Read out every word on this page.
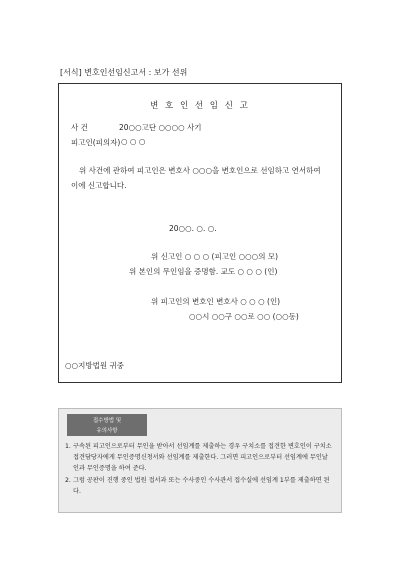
[서식] 변호인선임신고서 : 보가 선위
변 호 인 선 임 신 고
사 건	20○○고단 ○○○○ 사기
피고인(피의자) ○ ○ ○
위 사건에 관하여 피고인은 변호사 ○○○을 변호인으로 선임하고 연서하여 이에 신고합니다.
20○○. ○. ○.
위 신고인 ○ ○ ○ (피고인 ○○○의 모)
위 본인의 무인임을 증명함. 교도 ○ ○ ○ (인)
위 피고인의 변호인 변호사 ○ ○ ○ (인)
○○시 ○○구 ○○로 ○○ (○○동)
○○지방법원 귀중
접수방법 및
유의사항
1. 구속된 피고인으로부터 무인을 받아서 선임계를 제출하는 경우 구치소를 접견한 변호인이 구치소 접견담당자에게 무인증명신청서와 선임계를 제출한다. 그러면 피고인으로부터 선임계에 무인날인과 무인증명을 하여 준다.
2. 그럼 공판이 진행 중인 법원 접서과 또는 수사중인 수사관서 접수실에 선임계 1부를 제출하면 된다.
